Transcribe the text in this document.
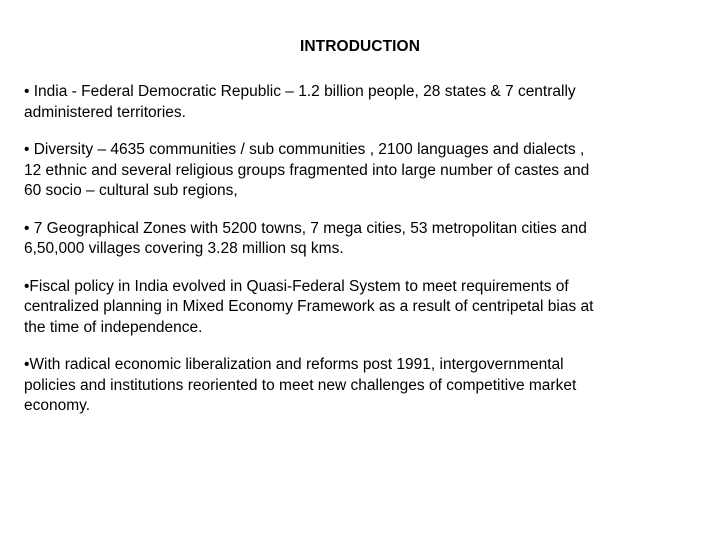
INTRODUCTION

• India - Federal Democratic Republic – 1.2 billion people, 28 states & 7 centrally
administered territories.

• Diversity – 4635 communities / sub communities , 2100 languages and dialects ,
12 ethnic and several religious groups fragmented into large number of castes and
60 socio – cultural sub regions,

• 7 Geographical Zones with 5200 towns, 7 mega cities, 53 metropolitan cities and
6,50,000 villages covering 3.28 million sq kms.

•Fiscal policy in India evolved in Quasi-Federal System to meet requirements of
centralized planning in Mixed Economy Framework as a result of centripetal bias at
the time of independence.

•With radical economic liberalization and reforms post 1991, intergovernmental
policies and institutions reoriented to meet new challenges of competitive market
economy.
